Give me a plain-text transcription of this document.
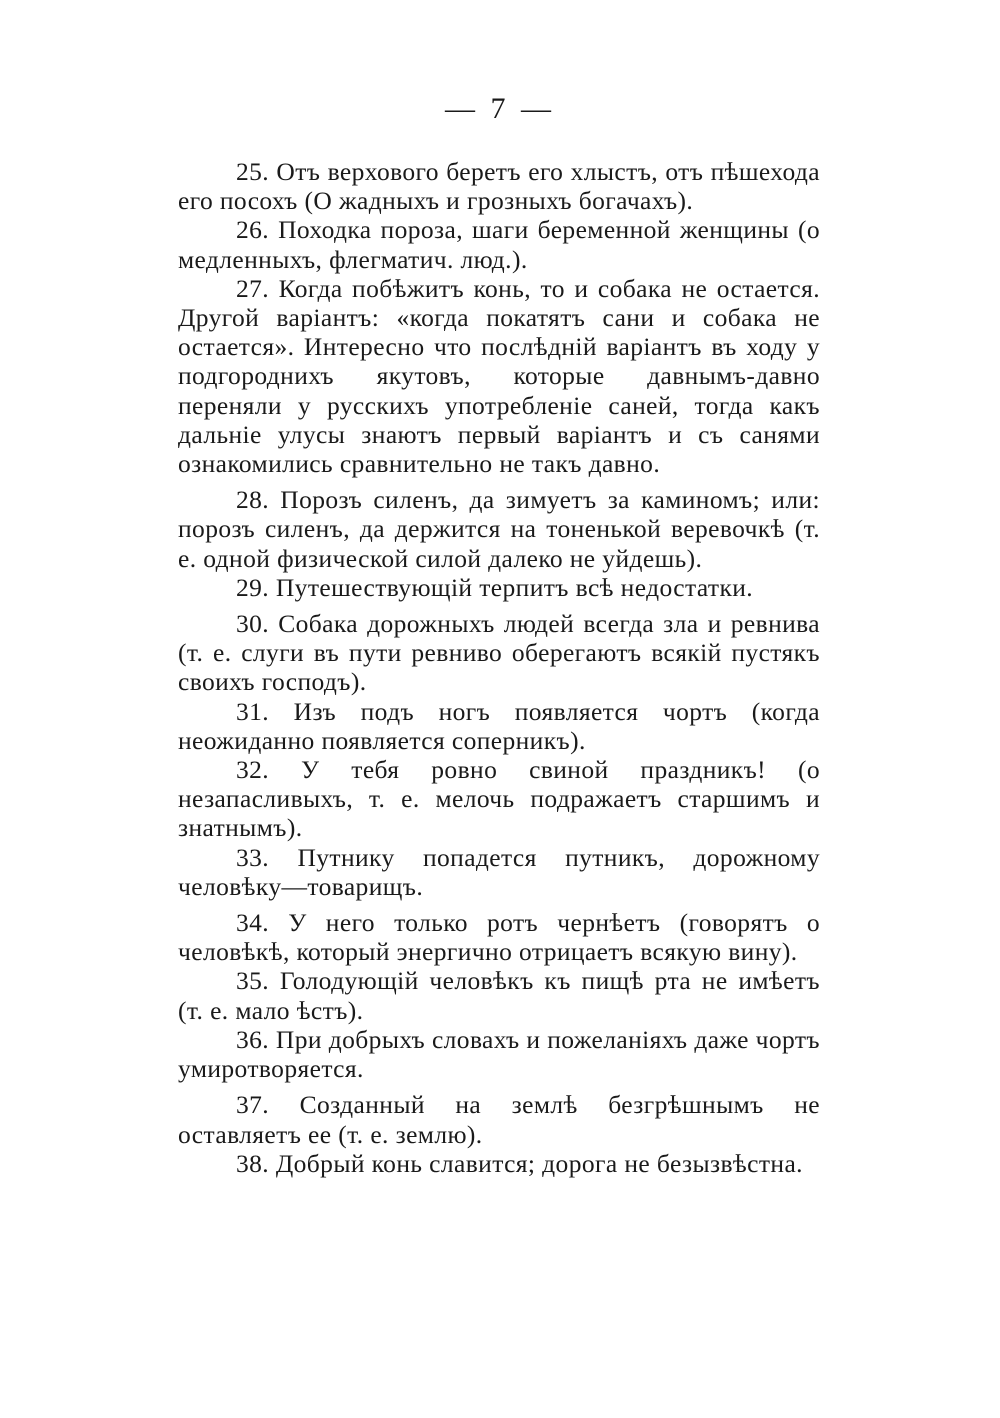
— 7 —

25. Отъ верхового беретъ его хлыстъ, отъ пѣшехода его посохъ (О жадныхъ и грозныхъ богачахъ).

26. Походка пороза, шаги беременной женщины (о медленныхъ, флегматич. люд.).

27. Когда побѣжитъ конь, то и собака не остается. Другой варіантъ: «когда покатятъ сани и собака не остается». Интересно что послѣдній варіантъ въ ходу у подгороднихъ якутовъ, которые давнымъ-давно переняли у русскихъ употребленіе саней, тогда какъ дальніе улусы знаютъ первый варіантъ и съ санями ознакомились сравнительно не такъ давно.

28. Порозъ силенъ, да зимуетъ за каминомъ; или: порозъ силенъ, да держится на тоненькой веревочкѣ (т. е. одной физической силой далеко не уйдешь).

29. Путешествующій терпитъ всѣ недостатки.

30. Собака дорожныхъ людей всегда зла и ревнива (т. е. слуги въ пути ревниво оберегаютъ всякій пустякъ своихъ господъ).

31. Изъ подъ ногъ появляется чортъ (когда неожиданно появляется соперникъ).

32. У тебя ровно свиной праздникъ! (о незапасливыхъ, т. е. мелочь подражаетъ старшимъ и знатнымъ).

33. Путнику попадется путникъ, дорожному человѣку—товарищъ.

34. У него только ротъ чернѣетъ (говорятъ о человѣкѣ, который энергично отрицаетъ всякую вину).

35. Голодующій человѣкъ къ пищѣ рта не имѣетъ (т. е. мало ѣстъ).

36. При добрыхъ словахъ и пожеланіяхъ даже чортъ умиротворяется.

37. Созданный на землѣ безгрѣшнымъ не оставляетъ ее (т. е. землю).

38. Добрый конь славится; дорога не безызвѣстна.
